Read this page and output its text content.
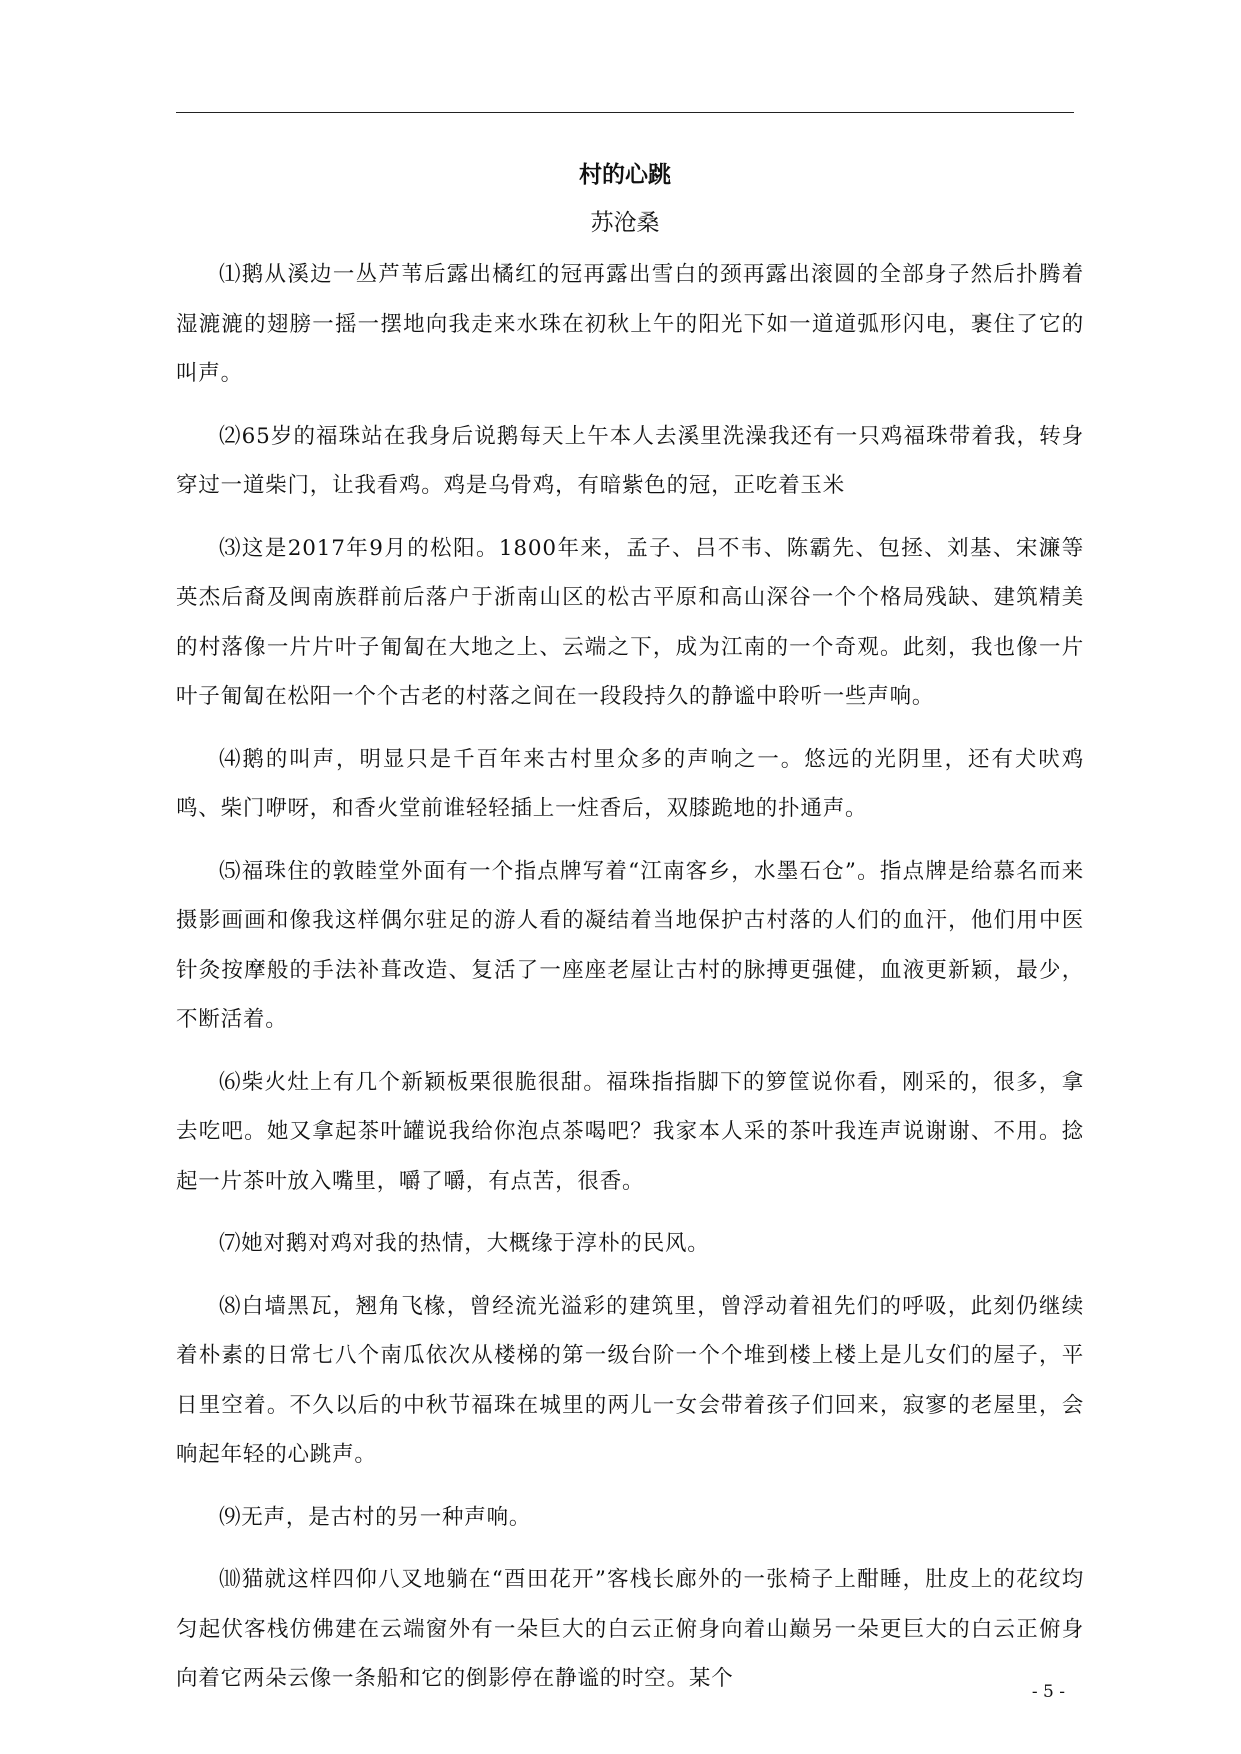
村的心跳
苏沧桑

⑴鹅从溪边一丛芦苇后露出橘红的冠再露出雪白的颈再露出滚圆的全部身子然后扑腾着湿漉漉的翅膀一摇一摆地向我走来水珠在初秋上午的阳光下如一道道弧形闪电，裹住了它的叫声。

⑵65岁的福珠站在我身后说鹅每天上午本人去溪里洗澡我还有一只鸡福珠带着我，转身穿过一道柴门，让我看鸡。鸡是乌骨鸡，有暗紫色的冠，正吃着玉米

⑶这是2017年9月的松阳。1800年来，孟子、吕不韦、陈霸先、包拯、刘基、宋濂等英杰后裔及闽南族群前后落户于浙南山区的松古平原和高山深谷一个个格局残缺、建筑精美的村落像一片片叶子匍匐在大地之上、云端之下，成为江南的一个奇观。此刻，我也像一片叶子匍匐在松阳一个个古老的村落之间在一段段持久的静谧中聆听一些声响。

⑷鹅的叫声，明显只是千百年来古村里众多的声响之一。悠远的光阴里，还有犬吠鸡鸣、柴门咿呀，和香火堂前谁轻轻插上一炷香后，双膝跪地的扑通声。

⑸福珠住的敦睦堂外面有一个指点牌写着“江南客乡，水墨石仓”。指点牌是给慕名而来摄影画画和像我这样偶尔驻足的游人看的凝结着当地保护古村落的人们的血汗，他们用中医针灸按摩般的手法补葺改造、复活了一座座老屋让古村的脉搏更强健，血液更新颖，最少，不断活着。

⑹柴火灶上有几个新颖板栗很脆很甜。福珠指指脚下的箩筐说你看，刚采的，很多，拿去吃吧。她又拿起茶叶罐说我给你泡点茶喝吧？我家本人采的茶叶我连声说谢谢、不用。捻起一片茶叶放入嘴里，嚼了嚼，有点苦，很香。

⑺她对鹅对鸡对我的热情，大概缘于淳朴的民风。

⑻白墙黑瓦，翘角飞椽，曾经流光溢彩的建筑里，曾浮动着祖先们的呼吸，此刻仍继续着朴素的日常七八个南瓜依次从楼梯的第一级台阶一个个堆到楼上楼上是儿女们的屋子，平日里空着。不久以后的中秋节福珠在城里的两儿一女会带着孩子们回来，寂寥的老屋里，会响起年轻的心跳声。

⑼无声，是古村的另一种声响。

⑽猫就这样四仰八叉地躺在“酉田花开”客栈长廊外的一张椅子上酣睡，肚皮上的花纹均匀起伏客栈仿佛建在云端窗外有一朵巨大的白云正俯身向着山巅另一朵更巨大的白云正俯身向着它两朵云像一条船和它的倒影停在静谧的时空。某个

- 5 -
